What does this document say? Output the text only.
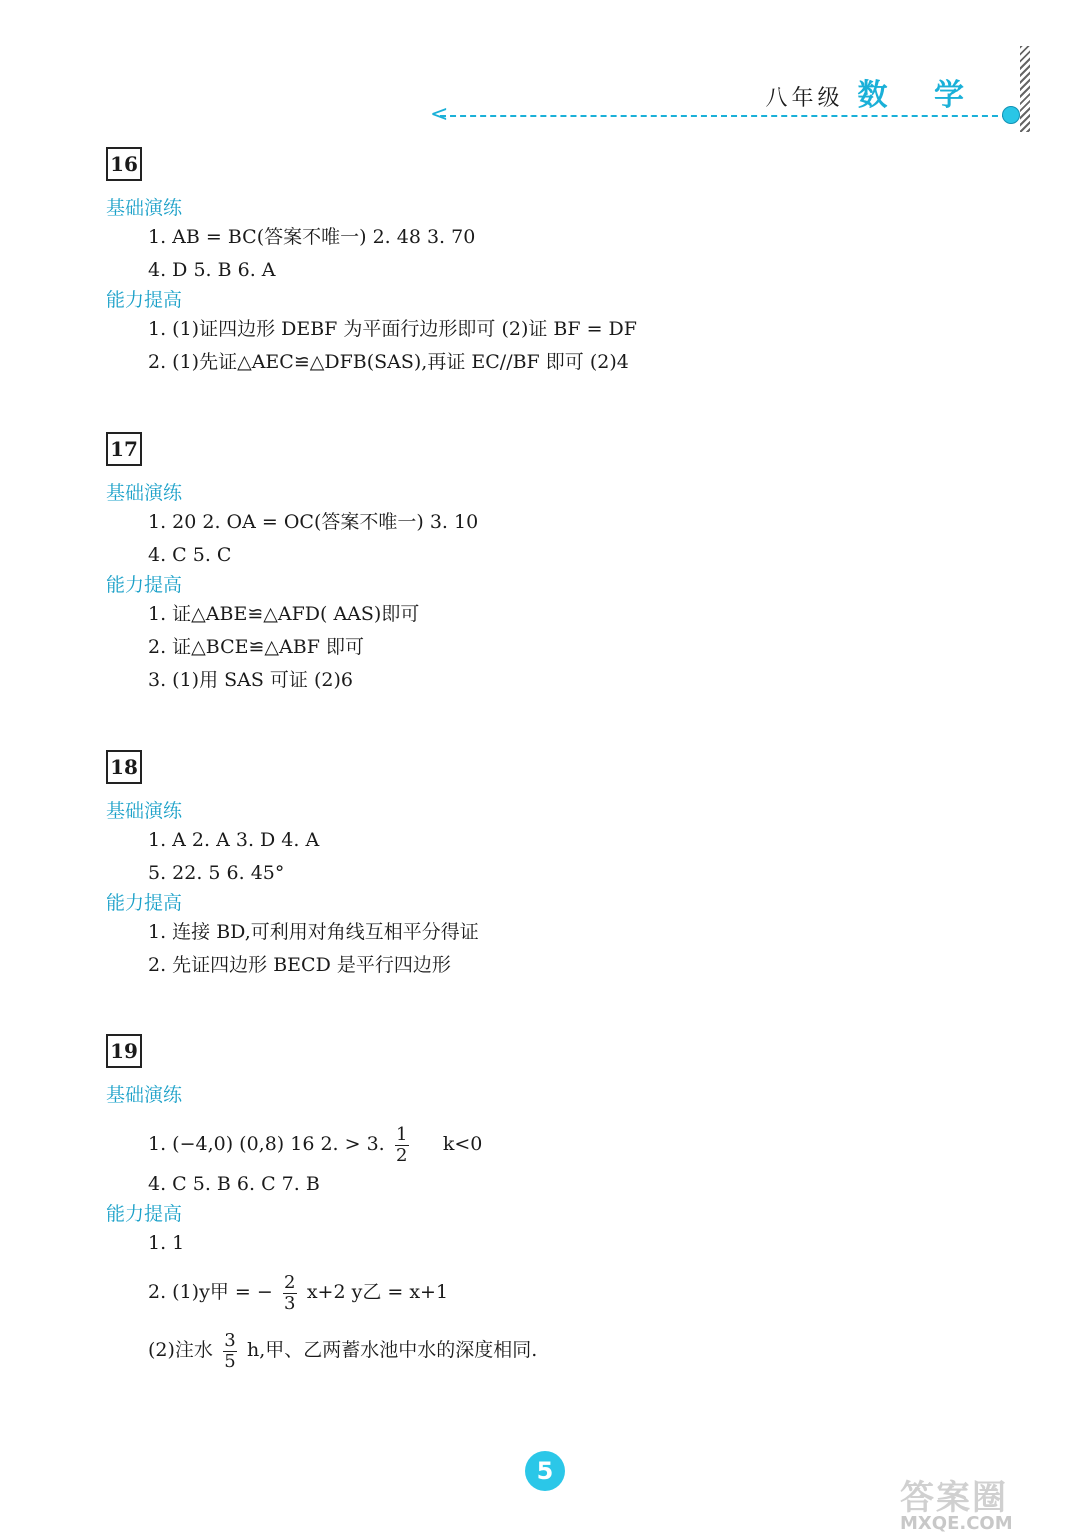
八年级 数 学
<
16
基础演练
1. AB = BC(答案不唯一) 2. 48 3. 70
4. D 5. B 6. A
能力提高
1. (1)证四边形 DEBF 为平面行边形即可 (2)证 BF = DF
2. (1)先证△AEC≌△DFB(SAS),再证 EC//BF 即可 (2)4
17
基础演练
1. 20 2. OA = OC(答案不唯一) 3. 10
4. C 5. C
能力提高
1. 证△ABE≌△AFD( AAS)即可
2. 证△BCE≌△ABF 即可
3. (1)用 SAS 可证 (2)6
18
基础演练
1. A 2. A 3. D 4. A
5. 22. 5 6. 45°
能力提高
1. 连接 BD,可利用对角线互相平分得证
2. 先证四边形 BECD 是平行四边形
19
基础演练
1. (−4,0) (0,8) 16 2. > 3. $\frac{1}{2} k<0$
4. C 5. B 6. C 7. B
能力提高
1. 1
2. (1)y甲 = − $\frac{2}{3} x+2$ y乙 = x+1
(2)注水 $\frac{3}{5} h$,甲、乙两蓄水池中水的深度相同.
5
答案圈
MXQE.COM
